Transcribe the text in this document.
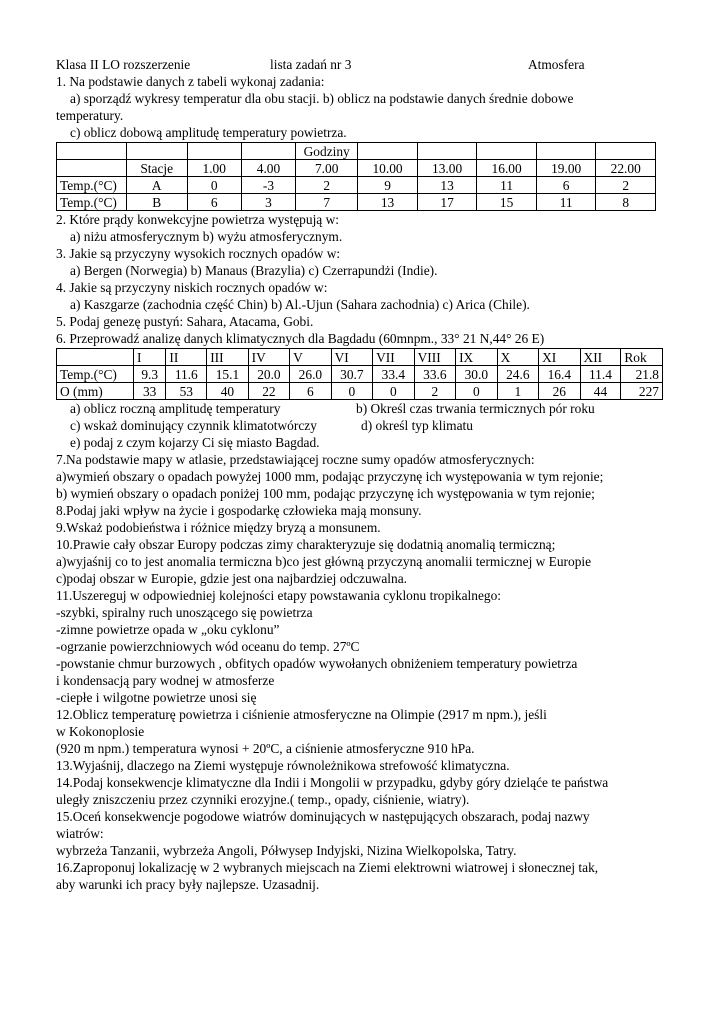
Klasa II LO rozszerzenie	lista zadań nr 3	Atmosfera
1. Na podstawie danych z tabeli wykonaj zadania:
a) sporządź wykresy temperatur dla obu stacji. b) oblicz na podstawie danych średnie dobowe
temperatury.
c) oblicz dobową amplitudę temperatury powietrza.
				Godziny					
	Stacje	1.00	4.00	7.00	10.00	13.00	16.00	19.00	22.00
Temp.(°C)	A	0	-3	2	9	13	11	6	2
Temp.(°C)	B	6	3	7	13	17	15	11	8
2. Które prądy konwekcyjne powietrza występują w:
a) niżu atmosferycznym b) wyżu atmosferycznym.
3. Jakie są przyczyny wysokich rocznych opadów w:
a) Bergen (Norwegia) b) Manaus (Brazylia) c) Czerrapundżi (Indie).
4. Jakie są przyczyny niskich rocznych opadów w:
a) Kaszgarze (zachodnia część Chin) b) Al.-Ujun (Sahara zachodnia) c) Arica (Chile).
5. Podaj genezę pustyń: Sahara, Atacama, Gobi.
6. Przeprowadź analizę danych klimatycznych dla Bagdadu (60mnpm., 33° 21 N,44° 26 E)
	I	II	III	IV	V	VI	VII	VIII	IX	X	XI	XII	Rok
Temp.(°C)	9.3	11.6	15.1	20.0	26.0	30.7	33.4	33.6	30.0	24.6	16.4	11.4	21.8
O (mm)	33	53	40	22	6	0	0	2	0	1	26	44	227
a) oblicz roczną amplitudę temperatury	b) Określ czas trwania termicznych pór roku
c) wskaż dominujący czynnik klimatotwórczy	d) określ typ klimatu
e) podaj z czym kojarzy Ci się miasto Bagdad.
7.Na podstawie mapy w atlasie, przedstawiającej roczne sumy opadów atmosferycznych:
a)wymień obszary o opadach powyżej 1000 mm, podając przyczynę ich występowania w tym rejonie;
b) wymień obszary o opadach poniżej 100 mm, podając przyczynę ich występowania w tym rejonie;
8.Podaj jaki wpływ na życie i gospodarkę człowieka mają monsuny.
9.Wskaż podobieństwa i różnice między bryzą a monsunem.
10.Prawie cały obszar Europy podczas zimy charakteryzuje się dodatnią anomalią termiczną;
a)wyjaśnij co to jest anomalia termiczna b)co jest główną przyczyną anomalii termicznej w Europie
c)podaj obszar w Europie, gdzie jest ona najbardziej odczuwalna.
11.Uszereguj w odpowiedniej kolejności etapy powstawania cyklonu tropikalnego:
-szybki, spiralny ruch unoszącego się powietrza
-zimne powietrze opada w „oku cyklonu”
-ogrzanie powierzchniowych wód oceanu do temp. 27ºC
-powstanie chmur burzowych , obfitych opadów wywołanych obniżeniem temperatury powietrza
i kondensacją pary wodnej w atmosferze
-ciepłe i wilgotne powietrze unosi się
12.Oblicz temperaturę powietrza i ciśnienie atmosferyczne na Olimpie (2917 m npm.), jeśli
w Kokonoplosie
(920 m npm.) temperatura wynosi + 20ºC, a ciśnienie atmosferyczne 910 hPa.
13.Wyjaśnij, dlaczego na Ziemi występuje równoleżnikowa strefowość klimatyczna.
14.Podaj konsekwencje klimatyczne dla Indii i Mongolii w przypadku, gdyby góry dzieląće te państwa
uległy zniszczeniu przez czynniki erozyjne.( temp., opady, ciśnienie, wiatry).
15.Oceń konsekwencje pogodowe wiatrów dominujących w następujących obszarach, podaj nazwy
wiatrów:
wybrzeża Tanzanii, wybrzeża Angoli, Półwysep Indyjski, Nizina Wielkopolska, Tatry.
16.Zaproponuj lokalizację w 2 wybranych miejscach na Ziemi elektrowni wiatrowej i słonecznej tak,
aby warunki ich pracy były najlepsze. Uzasadnij.
